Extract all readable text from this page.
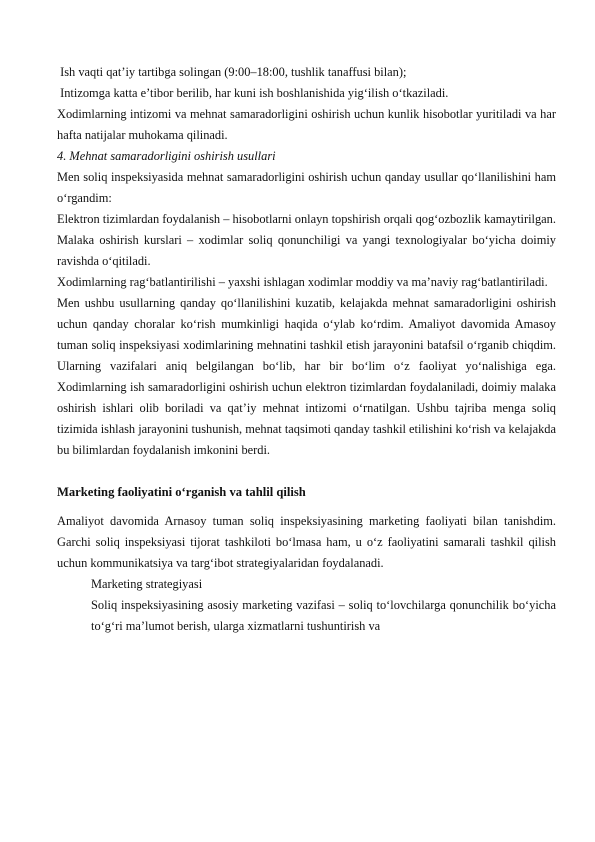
Ish vaqti qat’iy tartibga solingan (9:00–18:00, tushlik tanaffusi bilan);

Intizomga katta e’tibor berilib, har kuni ish boshlanishida yig‘ilish o‘tkaziladi.

Xodimlarning intizomi va mehnat samaradorligini oshirish uchun kunlik hisobotlar yuritiladi va har hafta natijalar muhokama qilinadi.

4. Mehnat samaradorligini oshirish usullari

Men soliq inspeksiyasida mehnat samaradorligini oshirish uchun qanday usullar qo‘llanilishini ham o‘rgandim:

Elektron tizimlardan foydalanish – hisobotlarni onlayn topshirish orqali qog‘ozbozlik kamaytirilgan.

Malaka oshirish kurslari – xodimlar soliq qonunchiligi va yangi texnologiyalar bo‘yicha doimiy ravishda o‘qitiladi.

Xodimlarning rag‘batlantirilishi – yaxshi ishlagan xodimlar moddiy va ma’naviy rag‘batlantiriladi.

Men ushbu usullarning qanday qo‘llanilishini kuzatib, kelajakda mehnat samaradorligini oshirish uchun qanday choralar ko‘rish mumkinligi haqida o‘ylab ko‘rdim. Amaliyot davomida Amasoy tuman soliq inspeksiyasi xodimlarining mehnatini tashkil etish jarayonini batafsil o‘rganib chiqdim. Ularning vazifalari aniq belgilangan bo‘lib, har bir bo‘lim o‘z faoliyat yo‘nalishiga ega. Xodimlarning ish samaradorligini oshirish uchun elektron tizimlardan foydalaniladi, doimiy malaka oshirish ishlari olib boriladi va qat’iy mehnat intizomi o‘rnatilgan. Ushbu tajriba menga soliq tizimida ishlash jarayonini tushunish, mehnat taqsimoti qanday tashkil etilishini ko‘rish va kelajakda bu bilimlardan foydalanish imkonini berdi.

Marketing faoliyatini o‘rganish va tahlil qilish

Amaliyot davomida Arnasoy tuman soliq inspeksiyasining marketing faoliyati bilan tanishdim. Garchi soliq inspeksiyasi tijorat tashkiloti bo‘lmasa ham, u o‘z faoliyatini samarali tashkil qilish uchun kommunikatsiya va targ‘ibot strategiyalaridan foydalanadi.

Marketing strategiyasi

Soliq inspeksiyasining asosiy marketing vazifasi – soliq to‘lovchilarga qonunchilik bo‘yicha to‘g‘ri ma’lumot berish, ularga xizmatlarni tushuntirish va
